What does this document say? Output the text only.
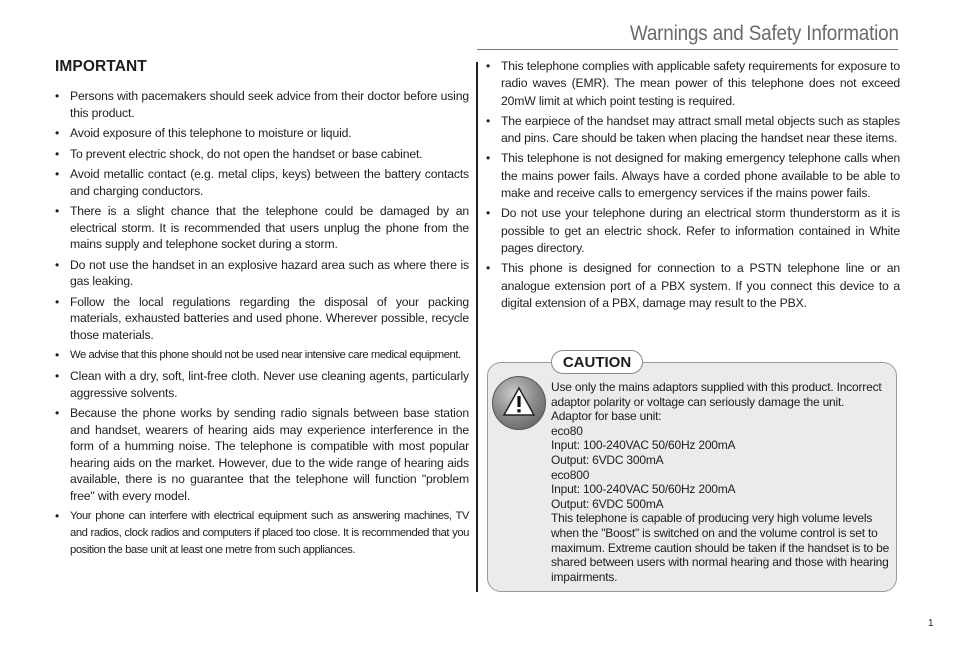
Warnings and Safety Information
IMPORTANT
• Persons with pacemakers should seek advice from their doctor before using this product.
• Avoid exposure of this telephone to moisture or liquid.
• To prevent electric shock, do not open the handset or base cabinet.
• Avoid metallic contact (e.g. metal clips, keys) between the battery contacts and charging conductors.
• There is a slight chance that the telephone could be damaged by an electrical storm. It is recommended that users unplug the phone from the mains supply and telephone socket during a storm.
• Do not use the handset in an explosive hazard area such as where there is gas leaking.
• Follow the local regulations regarding the disposal of your packing materials, exhausted batteries and used phone. Wherever possible, recycle those materials.
• We advise that this phone should not be used near intensive care medical equipment.
• Clean with a dry, soft, lint-free cloth. Never use cleaning agents, particularly aggressive solvents.
• Because the phone works by sending radio signals between base station and handset, wearers of hearing aids may experience interference in the form of a humming noise. The telephone is compatible with most popular hearing aids on the market. However, due to the wide range of hearing aids available, there is no guarantee that the telephone will function "problem free" with every model.
• Your phone can interfere with electrical equipment such as answering machines, TV and radios, clock radios and computers if placed too close. It is recommended that you position the base unit at least one metre from such appliances.
• This telephone complies with applicable safety requirements for exposure to radio waves (EMR). The mean power of this telephone does not exceed 20mW limit at which point testing is required.
• The earpiece of the handset may attract small metal objects such as staples and pins. Care should be taken when placing the handset near these items.
• This telephone is not designed for making emergency telephone calls when the mains power fails. Always have a corded phone available to be able to make and receive calls to emergency services if the mains power fails.
• Do not use your telephone during an electrical storm thunderstorm as it is possible to get an electric shock. Refer to information contained in White pages directory.
• This phone is designed for connection to a PSTN telephone line or an analogue extension port of a PBX system. If you connect this device to a digital extension of a PBX, damage may result to the PBX.
CAUTION
Use only the mains adaptors supplied with this product. Incorrect adaptor polarity or voltage can seriously damage the unit.
Adaptor for base unit:
eco80
Input: 100-240VAC 50/60Hz 200mA
Output: 6VDC 300mA
eco800
Input: 100-240VAC 50/60Hz 200mA
Output: 6VDC 500mA
This telephone is capable of producing very high volume levels when the "Boost" is switched on and the volume control is set to maximum. Extreme caution should be taken if the handset is to be shared between users with normal hearing and those with hearing impairments.
1
